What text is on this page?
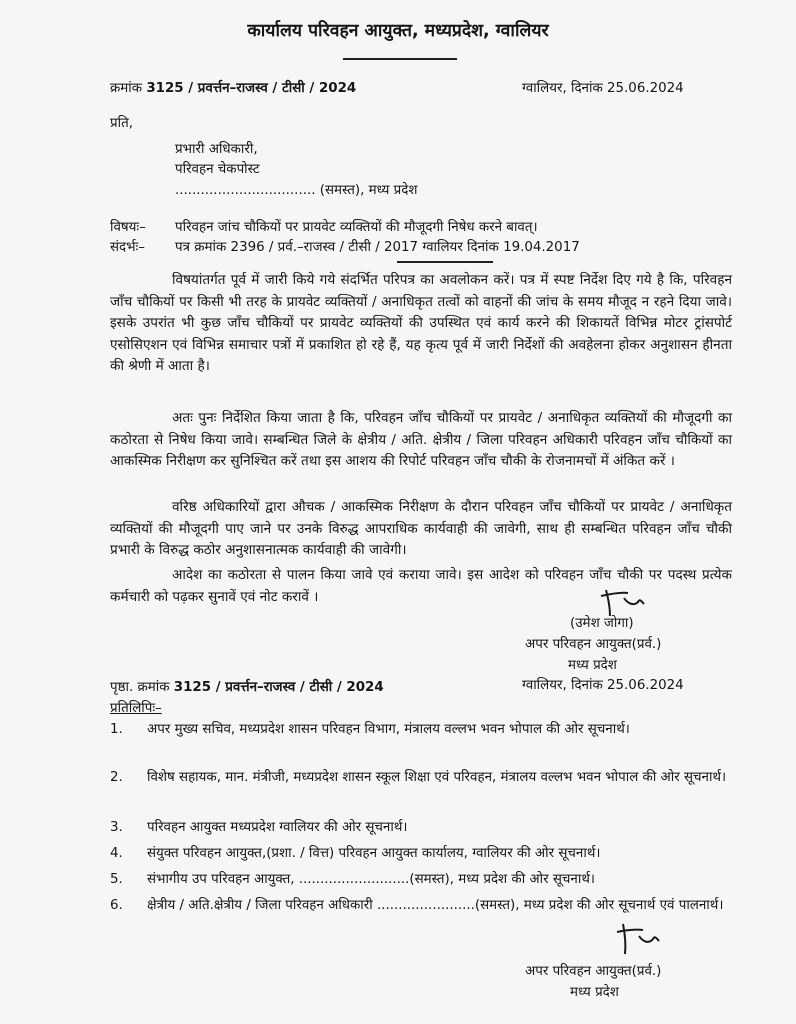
कार्यालय परिवहन आयुक्त, मध्यप्रदेश, ग्वालियर
क्रमांक 3125 / प्रवर्त्तन–राजस्व / टीसी / 2024	ग्वालियर, दिनांक 25.06.2024
प्रति,
प्रभारी अधिकारी,
परिवहन चेकपोस्ट
................................. (समस्त), मध्य प्रदेश
विषयः– परिवहन जांच चौकियों पर प्रायवेट व्यक्तियों की मौजूदगी निषेध करने बावत्।
संदर्भः– पत्र क्रमांक 2396 / प्रर्व.–राजस्व / टीसी / 2017 ग्वालियर दिनांक 19.04.2017
विषयांतर्गत पूर्व में जारी किये गये संदर्भित परिपत्र का अवलोकन करें। पत्र में स्पष्ट निर्देश दिए गये है कि, परिवहन जाँच चौकियों पर किसी भी तरह के प्रायवेट व्यक्तियों / अनाधिकृत तत्वों को वाहनों की जांच के समय मौजूद न रहने दिया जावे। इसके उपरांत भी कुछ जाँच चौकियों पर प्रायवेट व्यक्तियों की उपस्थित एवं कार्य करने की शिकायतें विभिन्न मोटर ट्रांसपोर्ट एसोसिएशन एवं विभिन्न समाचार पत्रों में प्रकाशित हो रहे हैं, यह कृत्य पूर्व में जारी निर्देशों की अवहेलना होकर अनुशासन हीनता की श्रेणी में आता है।
अतः पुनः निर्देशित किया जाता है कि, परिवहन जाँच चौकियों पर प्रायवेट / अनाधिकृत व्यक्तियों की मौजूदगी का कठोरता से निषेध किया जावे। सम्बन्धित जिले के क्षेत्रीय / अति. क्षेत्रीय / जिला परिवहन अधिकारी परिवहन जाँच चौकियों का आकस्मिक निरीक्षण कर सुनिश्चित करें तथा इस आशय की रिपोर्ट परिवहन जाँच चौकी के रोजनामचों में अंकित करें ।
वरिष्ठ अधिकारियों द्वारा औचक / आकस्मिक निरीक्षण के दौरान परिवहन जाँच चौकियों पर प्रायवेट / अनाधिकृत व्यक्तियों की मौजूदगी पाए जाने पर उनके विरुद्ध आपराधिक कार्यवाही की जावेगी, साथ ही सम्बन्धित परिवहन जाँच चौकी प्रभारी के विरुद्ध कठोर अनुशासनात्मक कार्यवाही की जावेगी।
आदेश का कठोरता से पालन किया जावे एवं कराया जावे। इस आदेश को परिवहन जाँच चौकी पर पदस्थ प्रत्येक कर्मचारी को पढ़कर सुनावें एवं नोट करावें ।
(उमेश जोगा)
अपर परिवहन आयुक्त(प्रर्व.)
मध्य प्रदेश
पृष्ठा. क्रमांक 3125 / प्रवर्त्तन–राजस्व / टीसी / 2024	ग्वालियर, दिनांक 25.06.2024
प्रतिलिपिः–
1.	अपर मुख्य सचिव, मध्यप्रदेश शासन परिवहन विभाग, मंत्रालय वल्लभ भवन भोपाल की ओर सूचनार्थ।
2.	विशेष सहायक, मान. मंत्रीजी, मध्यप्रदेश शासन स्कूल शिक्षा एवं परिवहन, मंत्रालय वल्लभ भवन भोपाल की ओर सूचनार्थ।
3.	परिवहन आयुक्त मध्यप्रदेश ग्वालियर की ओर सूचनार्थ।
4.	संयुक्त परिवहन आयुक्त,(प्रशा. / वित्त) परिवहन आयुक्त कार्यालय, ग्वालियर की ओर सूचनार्थ।
5.	संभागीय उप परिवहन आयुक्त, ..........................(समस्त), मध्य प्रदेश की ओर सूचनार्थ।
6.	क्षेत्रीय / अति.क्षेत्रीय / जिला परिवहन अधिकारी .......................(समस्त), मध्य प्रदेश की ओर सूचनार्थ एवं पालनार्थ।
अपर परिवहन आयुक्त(प्रर्व.)
मध्य प्रदेश
